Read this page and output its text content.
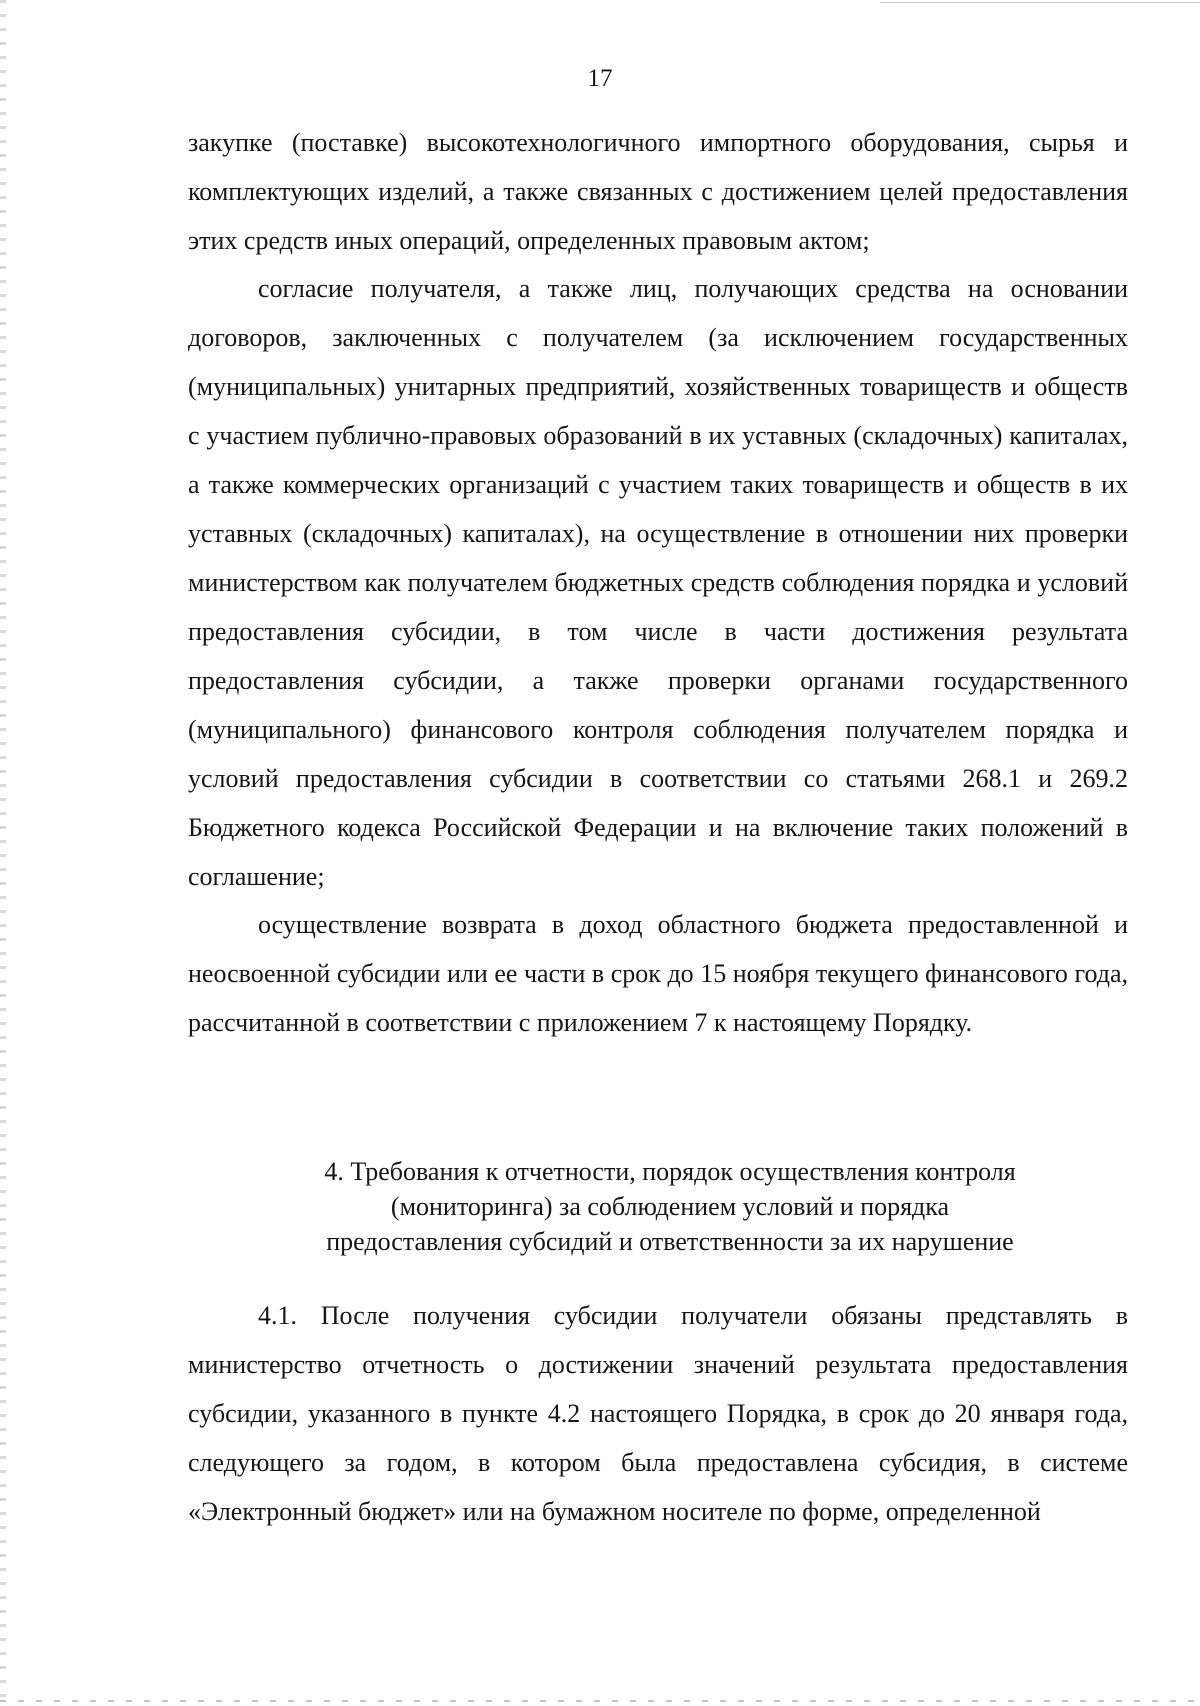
17

закупке (поставке) высокотехнологичного импортного оборудования, сырья и комплектующих изделий, а также связанных с достижением целей предоставления этих средств иных операций, определенных правовым актом;

согласие получателя, а также лиц, получающих средства на основании договоров, заключенных с получателем (за исключением государственных (муниципальных) унитарных предприятий, хозяйственных товариществ и обществ с участием публично-правовых образований в их уставных (складочных) капиталах, а также коммерческих организаций с участием таких товариществ и обществ в их уставных (складочных) капиталах), на осуществление в отношении них проверки министерством как получателем бюджетных средств соблюдения порядка и условий предоставления субсидии, в том числе в части достижения результата предоставления субсидии, а также проверки органами государственного (муниципального) финансового контроля соблюдения получателем порядка и условий предоставления субсидии в соответствии со статьями 268.1 и 269.2 Бюджетного кодекса Российской Федерации и на включение таких положений в соглашение;

осуществление возврата в доход областного бюджета предоставленной и неосвоенной субсидии или ее части в срок до 15 ноября текущего финансового года, рассчитанной в соответствии с приложением 7 к настоящему Порядку.

4. Требования к отчетности, порядок осуществления контроля
(мониторинга) за соблюдением условий и порядка
предоставления субсидий и ответственности за их нарушение

4.1. После получения субсидии получатели обязаны представлять в министерство отчетность о достижении значений результата предоставления субсидии, указанного в пункте 4.2 настоящего Порядка, в срок до 20 января года, следующего за годом, в котором была предоставлена субсидия, в системе «Электронный бюджет» или на бумажном носителе по форме, определенной
